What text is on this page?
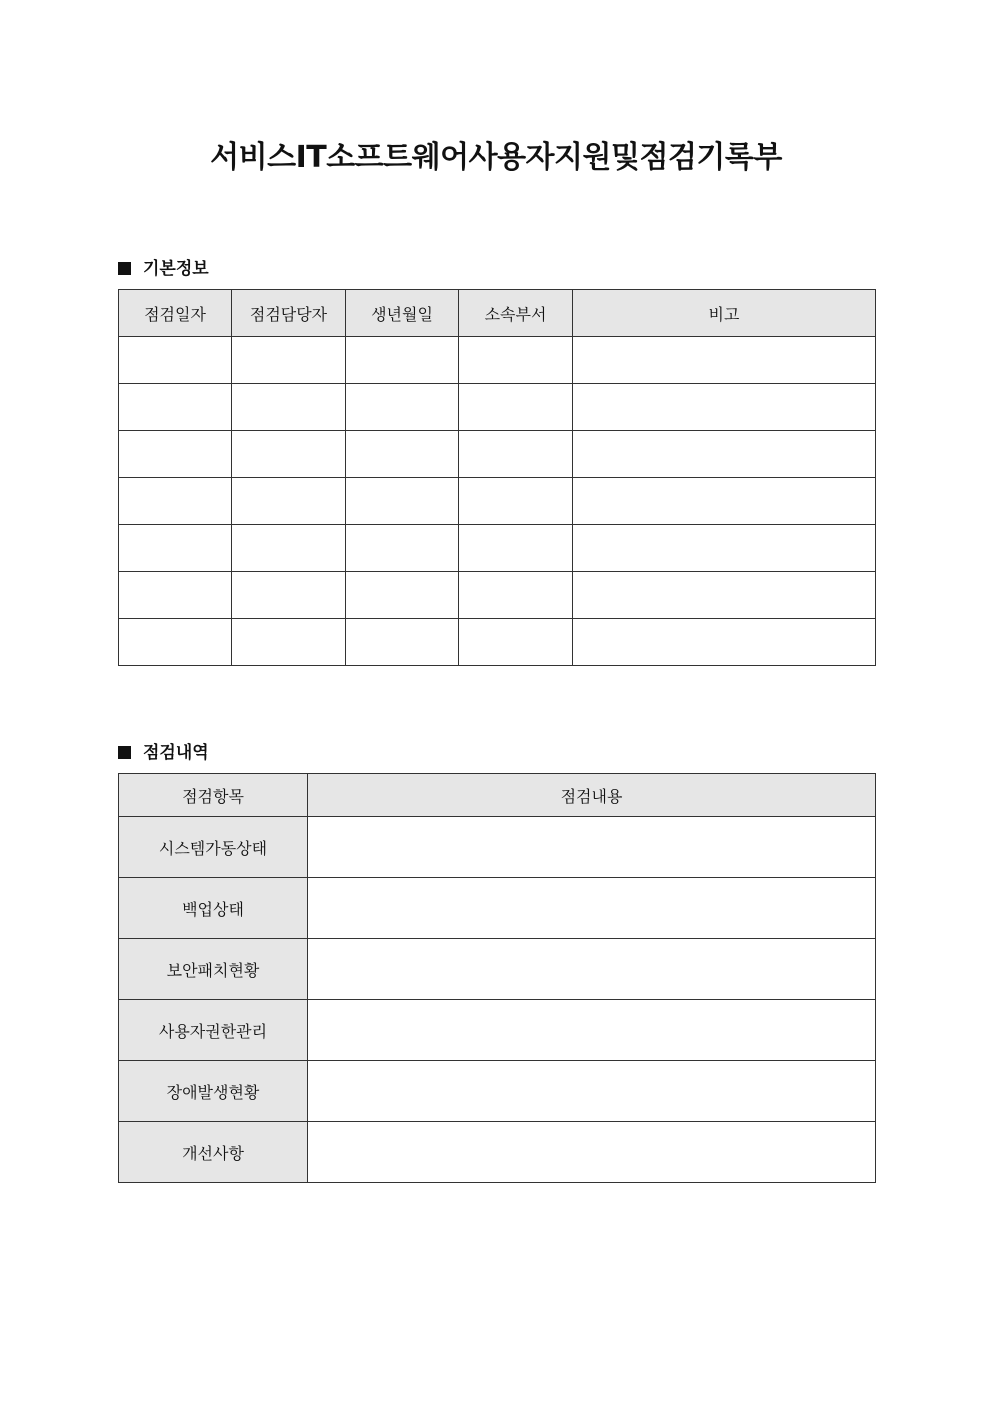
서비스IT소프트웨어사용자지원및점검기록부
기본정보
점검일자	점검담당자	생년월일	소속부서	비고

점검내역
점검항목	점검내용
시스템가동상태	
백업상태	
보안패치현황	
사용자권한관리	
장애발생현황	
개선사항	
